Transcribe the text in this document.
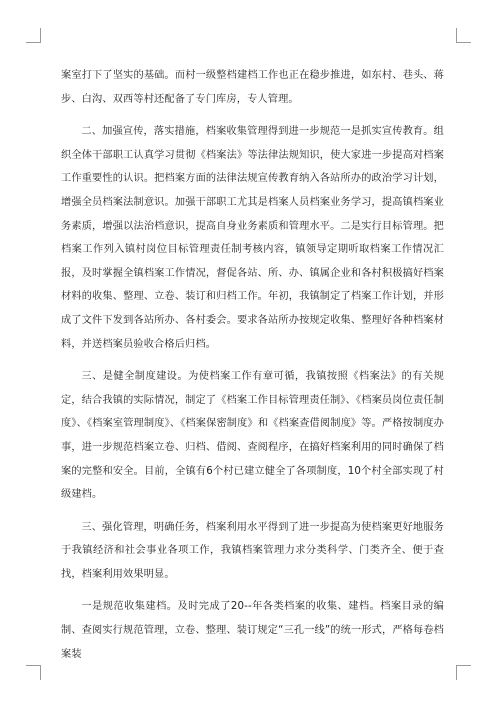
案室打下了坚实的基础。而村一级整档建档工作也正在稳步推进，如东村、巷头、蒋步、白沟、双西等村还配备了专门库房，专人管理。

二、加强宣传，落实措施，档案收集管理得到进一步规范一是抓实宣传教育。组织全体干部职工认真学习贯彻《档案法》等法律法规知识，使大家进一步提高对档案工作重要性的认识。把档案方面的法律法规宣传教育纳入各站所办的政治学习计划，增强全员档案法制意识。加强干部职工尤其是档案人员档案业务学习，提高镇档案业务素质，增强以法治档意识，提高自身业务素质和管理水平。二是实行目标管理。把档案工作列入镇村岗位目标管理责任制考核内容，镇领导定期听取档案工作情况汇报，及时掌握全镇档案工作情况，督促各站、所、办、镇属企业和各村积极搞好档案材料的收集、整理、立卷、装订和归档工作。年初，我镇制定了档案工作计划，并形成了文件下发到各站所办、各村委会。要求各站所办按规定收集、整理好各种档案材料，并送档案员验收合格后归档。

三、是健全制度建设。为使档案工作有章可循，我镇按照《档案法》的有关规定，结合我镇的实际情况，制定了《档案工作目标管理责任制》、《档案员岗位责任制度》、《档案室管理制度》、《档案保密制度》和《档案查借阅制度》等。严格按制度办事，进一步规范档案立卷、归档、借阅、查阅程序，在搞好档案利用的同时确保了档案的完整和安全。目前，全镇有6个村已建立健全了各项制度，10个村全部实现了村级建档。

三、强化管理，明确任务，档案利用水平得到了进一步提高为使档案更好地服务于我镇经济和社会事业各项工作，我镇档案管理力求分类科学、门类齐全、便于查找，档案利用效果明显。

一是规范收集建档。及时完成了20--年各类档案的收集、建档。档案目录的编制、查阅实行规范管理，立卷、整理、装订规定“三孔一线”的统一形式，严格每卷档案装
